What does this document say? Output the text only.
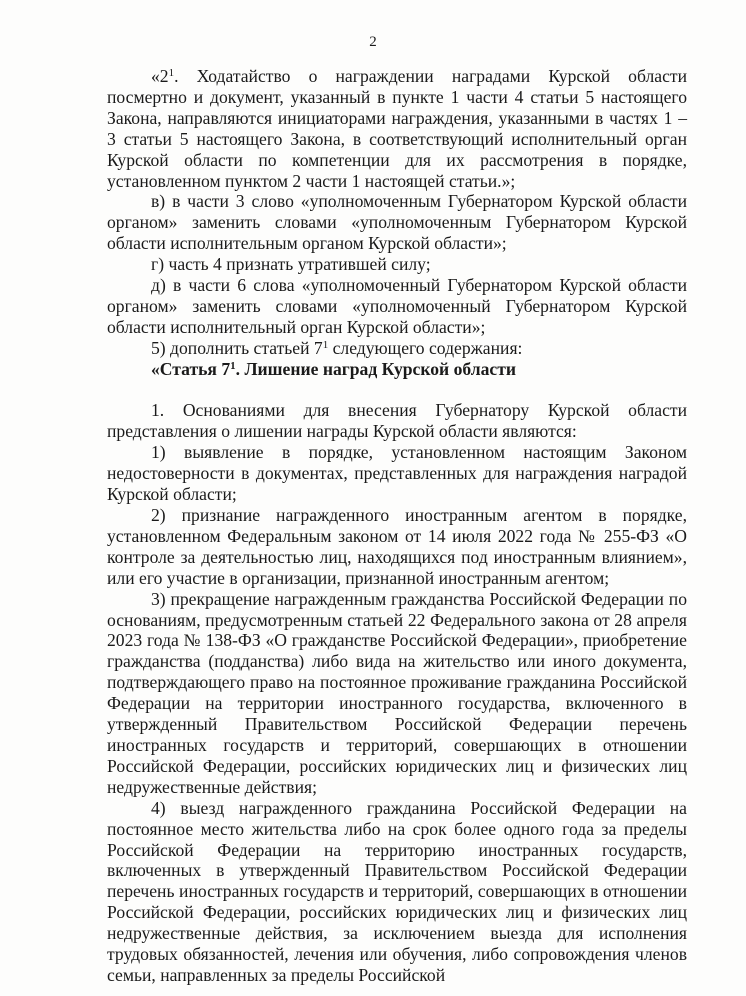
2

«$2^1$. Ходатайство о награждении наградами Курской области посмертно и документ, указанный в пункте 1 части 4 статьи 5 настоящего Закона, направляются инициаторами награждения, указанными в частях 1 – 3 статьи 5 настоящего Закона, в соответствующий исполнительный орган Курской области по компетенции для их рассмотрения в порядке, установленном пунктом 2 части 1 настоящей статьи.»;

в) в части 3 слово «уполномоченным Губернатором Курской области органом» заменить словами «уполномоченным Губернатором Курской области исполнительным органом Курской области»;

г) часть 4 признать утратившей силу;

д) в части 6 слова «уполномоченный Губернатором Курской области органом» заменить словами «уполномоченный Губернатором Курской области исполнительный орган Курской области»;

5) дополнить статьей $7^1$ следующего содержания:

«Статья $7^1$. Лишение наград Курской области

1. Основаниями для внесения Губернатору Курской области представления о лишении награды Курской области являются:

1) выявление в порядке, установленном настоящим Законом недостоверности в документах, представленных для награждения наградой Курской области;

2) признание награжденного иностранным агентом в порядке, установленном Федеральным законом от 14 июля 2022 года № 255-ФЗ «О контроле за деятельностью лиц, находящихся под иностранным влиянием», или его участие в организации, признанной иностранным агентом;

3) прекращение награжденным гражданства Российской Федерации по основаниям, предусмотренным статьей 22 Федерального закона от 28 апреля 2023 года № 138-ФЗ «О гражданстве Российской Федерации», приобретение гражданства (подданства) либо вида на жительство или иного документа, подтверждающего право на постоянное проживание гражданина Российской Федерации на территории иностранного государства, включенного в утвержденный Правительством Российской Федерации перечень иностранных государств и территорий, совершающих в отношении Российской Федерации, российских юридических лиц и физических лиц недружественные действия;

4) выезд награжденного гражданина Российской Федерации на постоянное место жительства либо на срок более одного года за пределы Российской Федерации на территорию иностранных государств, включенных в утвержденный Правительством Российской Федерации перечень иностранных государств и территорий, совершающих в отношении Российской Федерации, российских юридических лиц и физических лиц недружественные действия, за исключением выезда для исполнения трудовых обязанностей, лечения или обучения, либо сопровождения членов семьи, направленных за пределы Российской
